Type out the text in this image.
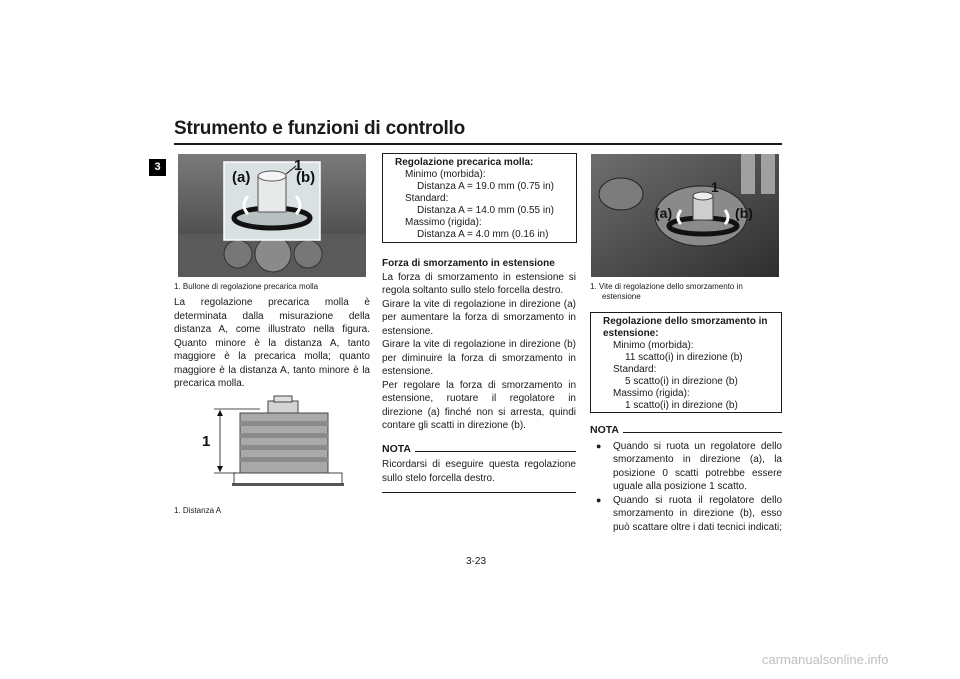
Strumento e funzioni di controllo
3
(a)	(b)
1
1. Bullone di regolazione precarica molla
La regolazione precarica molla è determinata dalla misurazione della distanza A, come illustrato nella figura. Quanto minore è la distanza A, tanto maggiore è la precarica molla; quanto maggiore è la distanza A, tanto minore è la precarica molla.
1
1. Distanza A
Regolazione precarica molla:
Minimo (morbida):
Distanza A = 19.0 mm (0.75 in)
Standard:
Distanza A = 14.0 mm (0.55 in)
Massimo (rigida):
Distanza A = 4.0 mm (0.16 in)
Forza di smorzamento in estensione
La forza di smorzamento in estensione si regola soltanto sullo stelo forcella destro.
Girare la vite di regolazione in direzione (a) per aumentare la forza di smorzamento in estensione.
Girare la vite di regolazione in direzione (b) per diminuire la forza di smorzamento in estensione.
Per regolare la forza di smorzamento in estensione, ruotare il regolatore in direzione (a) finché non si arresta, quindi contare gli scatti in direzione (b).
NOTA
Ricordarsi di eseguire questa regolazione sullo stelo forcella destro.
(a)	(b)
1
1. Vite di regolazione dello smorzamento in
estensione
Regolazione dello smorzamento in
estensione:
Minimo (morbida):
11 scatto(i) in direzione (b)
Standard:
5 scatto(i) in direzione (b)
Massimo (rigida):
1 scatto(i) in direzione (b)
NOTA
● Quando si ruota un regolatore dello smorzamento in direzione (a), la posizione 0 scatti potrebbe essere uguale alla posizione 1 scatto.
● Quando si ruota il regolatore dello smorzamento in direzione (b), esso può scattare oltre i dati tecnici indicati;
3-23
carmanualsonline.info
